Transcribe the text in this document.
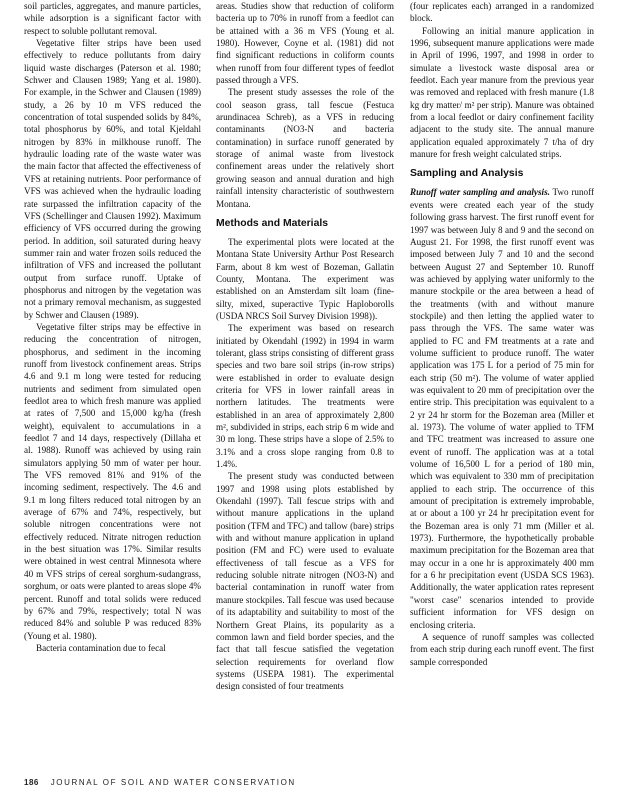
soil particles, aggregates, and manure particles, while adsorption is a significant factor with respect to soluble pollutant removal.

Vegetative filter strips have been used effectively to reduce pollutants from dairy liquid waste discharges (Paterson et al. 1980; Schwer and Clausen 1989; Yang et al. 1980). For example, in the Schwer and Clausen (1989) study, a 26 by 10 m VFS reduced the concentration of total suspended solids by 84%, total phosphorus by 60%, and total Kjeldahl nitrogen by 83% in milkhouse runoff. The hydraulic loading rate of the waste water was the main factor that affected the effectiveness of VFS at retaining nutrients. Poor performance of VFS was achieved when the hydraulic loading rate surpassed the infiltration capacity of the VFS (Schellinger and Clausen 1992). Maximum efficiency of VFS occurred during the growing period. In addition, soil saturated during heavy summer rain and water frozen soils reduced the infiltration of VFS and increased the pollutant output from surface runoff. Uptake of phosphorus and nitrogen by the vegetation was not a primary removal mechanism, as suggested by Schwer and Clausen (1989).

Vegetative filter strips may be effective in reducing the concentration of nitrogen, phosphorus, and sediment in the incoming runoff from livestock confinement areas. Strips 4.6 and 9.1 m long were tested for reducing nutrients and sediment from simulated open feedlot area to which fresh manure was applied at rates of 7,500 and 15,000 kg/ha (fresh weight), equivalent to accumulations in a feedlot 7 and 14 days, respectively (Dillaha et al. 1988). Runoff was achieved by using rain simulators applying 50 mm of water per hour. The VFS removed 81% and 91% of the incoming sediment, respectively. The 4.6 and 9.1 m long filters reduced total nitrogen by an average of 67% and 74%, respectively, but soluble nitrogen concentrations were not effectively reduced. Nitrate nitrogen reduction in the best situation was 17%. Similar results were obtained in west central Minnesota where 40 m VFS strips of cereal sorghum-sudangrass, sorghum, or oats were planted to areas slope 4% percent. Runoff and total solids were reduced by 67% and 79%, respectively; total N was reduced 84% and soluble P was reduced 83% (Young et al. 1980).

Bacteria contamination due to fecal

areas. Studies show that reduction of coliform bacteria up to 70% in runoff from a feedlot can be attained with a 36 m VFS (Young et al. 1980). However, Coyne et al. (1981) did not find significant reductions in coliform counts when runoff from four different types of feedlot passed through a VFS.

The present study assesses the role of the cool season grass, tall fescue (Festuca arundinacea Schreb), as a VFS in reducing contaminants (NO3-N and bacteria contamination) in surface runoff generated by storage of animal waste from livestock confinement areas under the relatively short growing season and annual duration and high rainfall intensity characteristic of southwestern Montana.

Methods and Materials

The experimental plots were located at the Montana State University Arthur Post Research Farm, about 8 km west of Bozeman, Gallatin County, Montana. The experiment was established on an Amsterdam silt loam (fine-silty, mixed, superactive Typic Haploborolls (USDA NRCS Soil Survey Division 1998)).

The experiment was based on research initiated by Okendahl (1992) in 1994 in warm tolerant, glass strips consisting of different grass species and two bare soil strips (in-row strips) were established in order to evaluate design criteria for VFS in lower rainfall areas in northern latitudes. The treatments were established in an area of approximately 2,800 m², subdivided in strips, each strip 6 m wide and 30 m long. These strips have a slope of 2.5% to 3.1% and a cross slope ranging from 0.8 to 1.4%.

The present study was conducted between 1997 and 1998 using plots established by Okendahl (1997). Tall fescue strips with and without manure applications in the upland position (TFM and TFC) and tallow (bare) strips with and without manure application in upland position (FM and FC) were used to evaluate effectiveness of tall fescue as a VFS for reducing soluble nitrate nitrogen (NO3-N) and bacterial contamination in runoff water from manure stockpiles. Tall fescue was used because of its adaptability and suitability to most of the Northern Great Plains, its popularity as a common lawn and field border species, and the fact that tall fescue satisfied the vegetation selection requirements for overland flow systems (USEPA 1981). The experimental design consisted of four treatments

(four replicates each) arranged in a randomized block.

Following an initial manure application in 1996, subsequent manure applications were made in April of 1996, 1997, and 1998 in order to simulate a livestock waste disposal area or feedlot. Each year manure from the previous year was removed and replaced with fresh manure (1.8 kg dry matter/ m² per strip). Manure was obtained from a local feedlot or dairy confinement facility adjacent to the study site. The annual manure application equaled approximately 7 t/ha of dry manure for fresh weight calculated strips.

Sampling and Analysis

Runoff water sampling and analysis. Two runoff events were created each year of the study following grass harvest. The first runoff event for 1997 was between July 8 and 9 and the second on August 21. For 1998, the first runoff event was imposed between July 7 and 10 and the second between August 27 and September 10. Runoff was achieved by applying water uniformly to the manure stockpile or the area between a head of the treatments (with and without manure stockpile) and then letting the applied water to pass through the VFS. The same water was applied to FC and FM treatments at a rate and volume sufficient to produce runoff. The water application was 175 L for a period of 75 min for each strip (50 m²). The volume of water applied was equivalent to 20 mm of precipitation over the entire strip. This precipitation was equivalent to a 2 yr 24 hr storm for the Bozeman area (Miller et al. 1973). The volume of water applied to TFM and TFC treatment was increased to assure one event of runoff. The application was at a total volume of 16,500 L for a period of 180 min, which was equivalent to 330 mm of precipitation applied to each strip. The occurrence of this amount of precipitation is extremely improbable, at or about a 100 yr 24 hr precipitation event for the Bozeman area is only 71 mm (Miller et al. 1973). Furthermore, the hypothetically probable maximum precipitation for the Bozeman area that may occur in a one hr is approximately 400 mm for a 6 hr precipitation event (USDA SCS 1963). Additionally, the water application rates represent "worst case" scenarios intended to provide sufficient information for VFS design on enclosing criteria.

A sequence of runoff samples was collected from each strip during each runoff event. The first sample corresponded

186 JOURNAL OF SOIL AND WATER CONSERVATION
